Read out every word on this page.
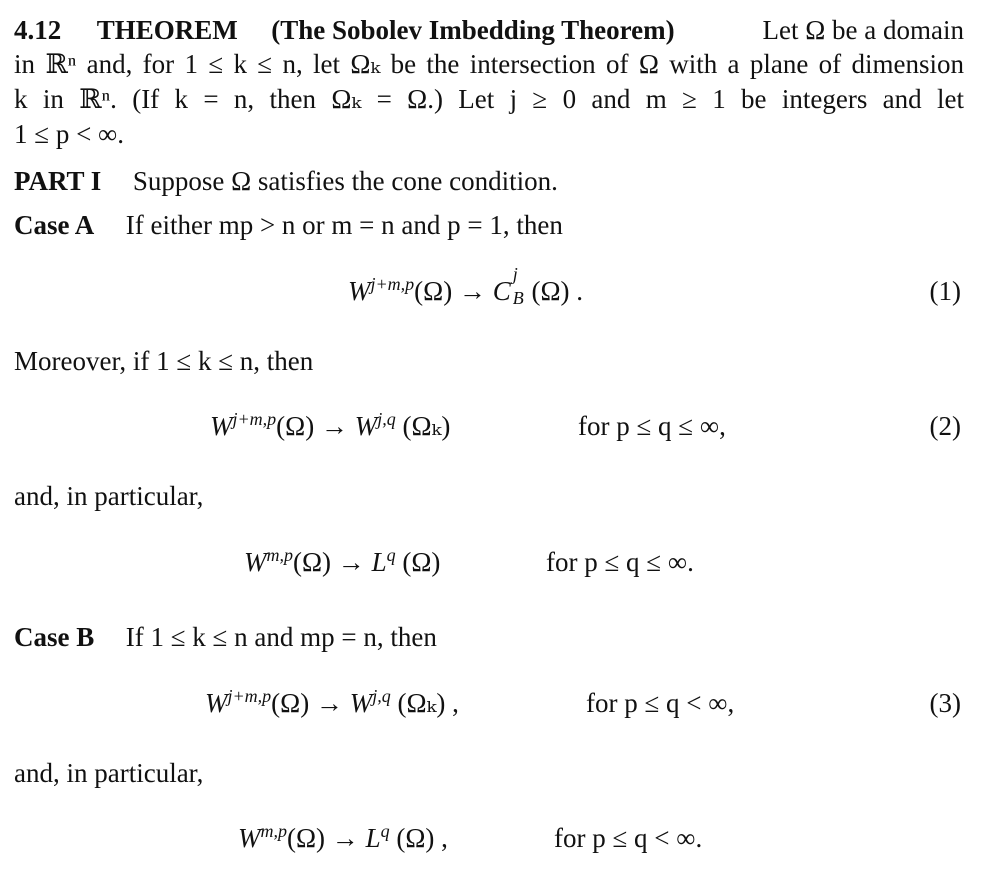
4.12 THEOREM (The Sobolev Imbedding Theorem)	Let Ω be a domain
in ℝⁿ and, for 1 ≤ k ≤ n, let Ωₖ be the intersection of Ω with a plane of dimension
k in ℝⁿ. (If k = n, then Ωₖ = Ω.) Let j ≥ 0 and m ≥ 1 be integers and let
1 ≤ p < ∞.
PART I Suppose Ω satisfies the cone condition.
Case A If either mp > n or m = n and p = 1, then
$W^{j+m,p}(\Omega) \to C$
j
B (Ω) .	(1)
Moreover, if 1 ≤ k ≤ n, then
$W^{j+m,p}(\Omega) \to W^{j,q}$ (Ωₖ)	for p ≤ q ≤ ∞,	(2)
and, in particular,
$W^{m,p}(\Omega) \to L^q$ (Ω)	for p ≤ q ≤ ∞.
Case B If 1 ≤ k ≤ n and mp = n, then
$W^{j+m,p}(\Omega) \to W^{j,q}$ (Ωₖ) ,	for p ≤ q < ∞,	(3)
and, in particular,
$W^{m,p}(\Omega) \to L^q$ (Ω) ,	for p ≤ q < ∞.
